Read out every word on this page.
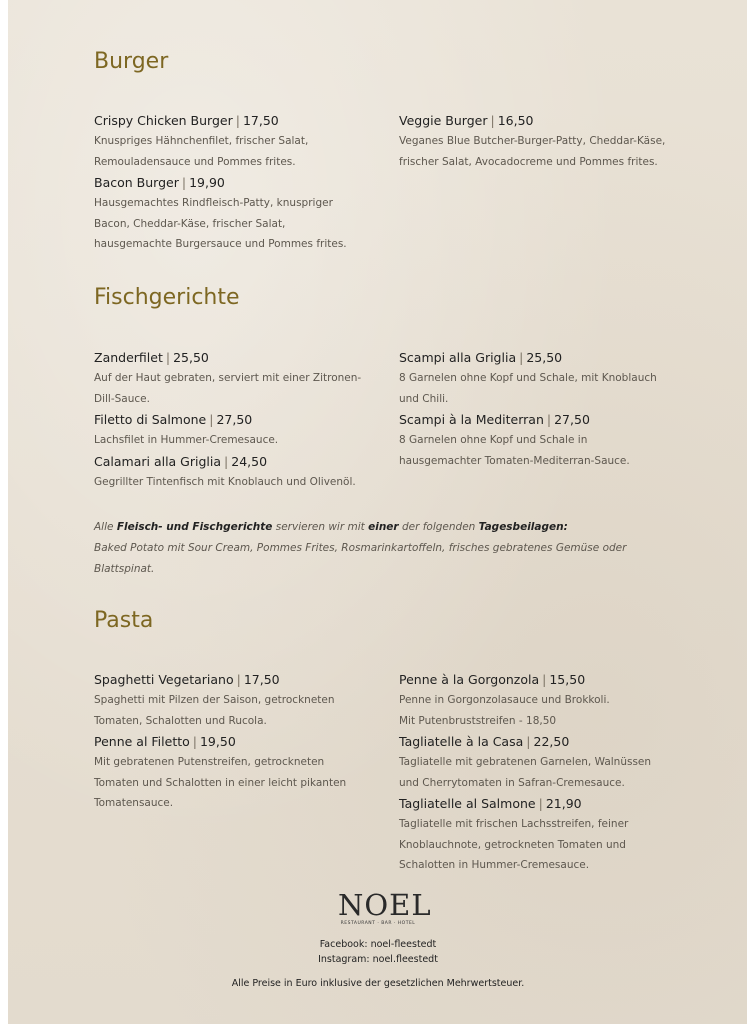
Burger
Crispy Chicken Burger | 17,50
Knuspriges Hähnchenfilet, frischer Salat, Remouladensauce und Pommes frites.
Bacon Burger | 19,90
Hausgemachtes Rindfleisch-Patty, knuspriger Bacon, Cheddar-Käse, frischer Salat, hausgemachte Burgersauce und Pommes frites.
Veggie Burger | 16,50
Veganes Blue Butcher-Burger-Patty, Cheddar-Käse, frischer Salat, Avocadocreme und Pommes frites.
Fischgerichte
Zanderfilet | 25,50
Auf der Haut gebraten, serviert mit einer Zitronen-Dill-Sauce.
Filetto di Salmone | 27,50
Lachsfilet in Hummer-Cremesauce.
Calamari alla Griglia | 24,50
Gegrillter Tintenfisch mit Knoblauch und Olivenöl.
Scampi alla Griglia | 25,50
8 Garnelen ohne Kopf und Schale, mit Knoblauch und Chili.
Scampi à la Mediterran | 27,50
8 Garnelen ohne Kopf und Schale in hausgemachter Tomaten-Mediterran-Sauce.
Alle Fleisch- und Fischgerichte servieren wir mit einer der folgenden Tagesbeilagen:
Baked Potato mit Sour Cream, Pommes Frites, Rosmarinkartoffeln, frisches gebratenes Gemüse oder Blattspinat.
Pasta
Spaghetti Vegetariano | 17,50
Spaghetti mit Pilzen der Saison, getrockneten Tomaten, Schalotten und Rucola.
Penne al Filetto | 19,50
Mit gebratenen Putenstreifen, getrockneten Tomaten und Schalotten in einer leicht pikanten Tomatensauce.
Penne à la Gorgonzola | 15,50
Penne in Gorgonzolasauce und Brokkoli.
Mit Putenbruststreifen - 18,50
Tagliatelle à la Casa | 22,50
Tagliatelle mit gebratenen Garnelen, Walnüssen und Cherrytomaten in Safran-Cremesauce.
Tagliatelle al Salmone | 21,90
Tagliatelle mit frischen Lachsstreifen, feiner Knoblauchnote, getrockneten Tomaten und Schalotten in Hummer-Cremesauce.
NOEL
RESTAURANT · BAR · HOTEL
Facebook: noel-fleestedt
Instagram: noel.fleestedt
Alle Preise in Euro inklusive der gesetzlichen Mehrwertsteuer.
